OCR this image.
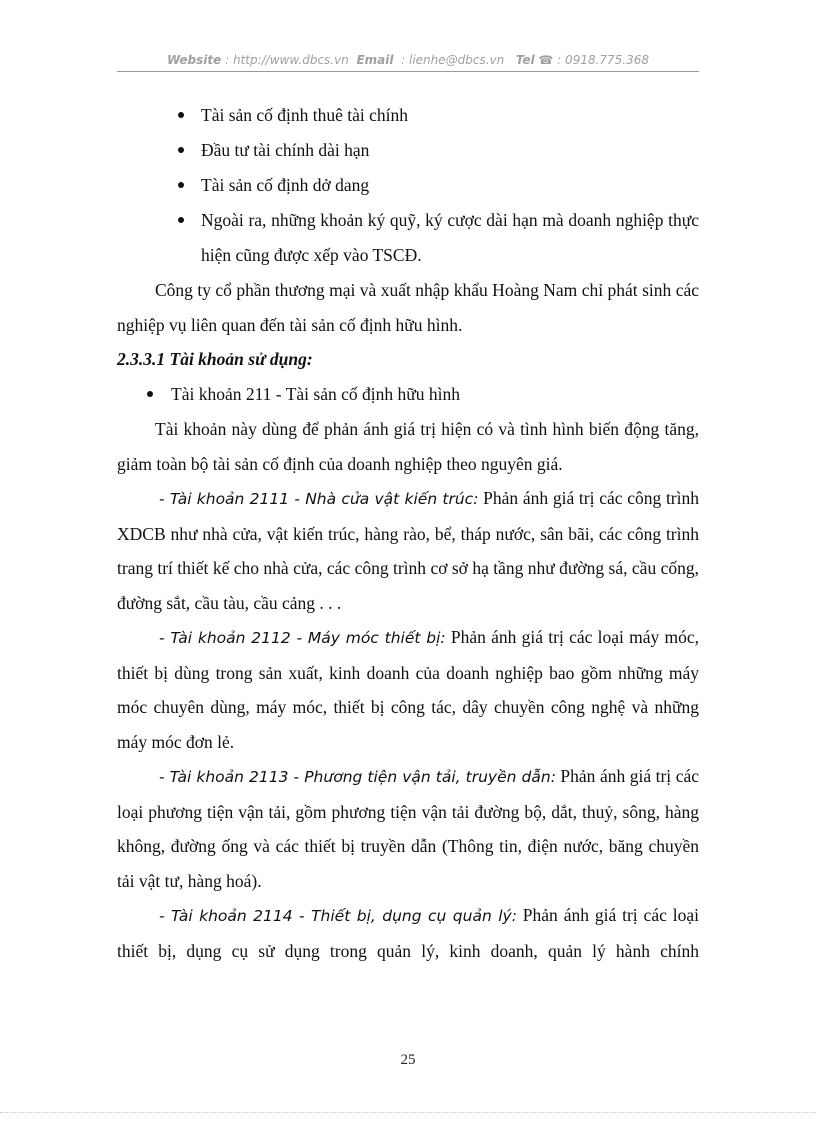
Website : http://www.dbcs.vn Email : lienhe@dbcs.vn Tel ☎ : 0918.775.368

Tài sản cố định thuê tài chính

Đầu tư tài chính dài hạn

Tài sản cố định dở dang

Ngoài ra, những khoản ký quỹ, ký cược dài hạn mà doanh nghiệp thực hiện cũng được xếp vào TSCĐ.

Công ty cổ phần thương mại và xuất nhập khẩu Hoàng Nam chỉ phát sinh các nghiệp vụ liên quan đến tài sản cố định hữu hình.

2.3.3.1 Tài khoản sử dụng:

Tài khoản 211 - Tài sản cố định hữu hình

Tài khoản này dùng để phản ánh giá trị hiện có và tình hình biến động tăng, giảm toàn bộ tài sản cố định của doanh nghiệp theo nguyên giá.

- Tài khoản 2111 - Nhà cửa vật kiến trúc: Phản ánh giá trị các công trình XDCB như nhà cửa, vật kiến trúc, hàng rào, bể, tháp nước, sân bãi, các công trình trang trí thiết kế cho nhà cửa, các công trình cơ sở hạ tầng như đường sá, cầu cống, đường sắt, cầu tàu, cầu cảng . . .

- Tài khoản 2112 - Máy móc thiết bị: Phản ánh giá trị các loại máy móc, thiết bị dùng trong sản xuất, kinh doanh của doanh nghiệp bao gồm những máy móc chuyên dùng, máy móc, thiết bị công tác, dây chuyền công nghệ và những máy móc đơn lẻ.

- Tài khoản 2113 - Phương tiện vận tải, truyền dẫn: Phản ánh giá trị các loại phương tiện vận tải, gồm phương tiện vận tải đường bộ, dắt, thuỷ, sông, hàng không, đường ống và các thiết bị truyền dẫn (Thông tin, điện nước, băng chuyền tải vật tư, hàng hoá).

- Tài khoản 2114 - Thiết bị, dụng cụ quản lý: Phản ánh giá trị các loại thiết bị, dụng cụ sử dụng trong quản lý, kinh doanh, quản lý hành chính

25
